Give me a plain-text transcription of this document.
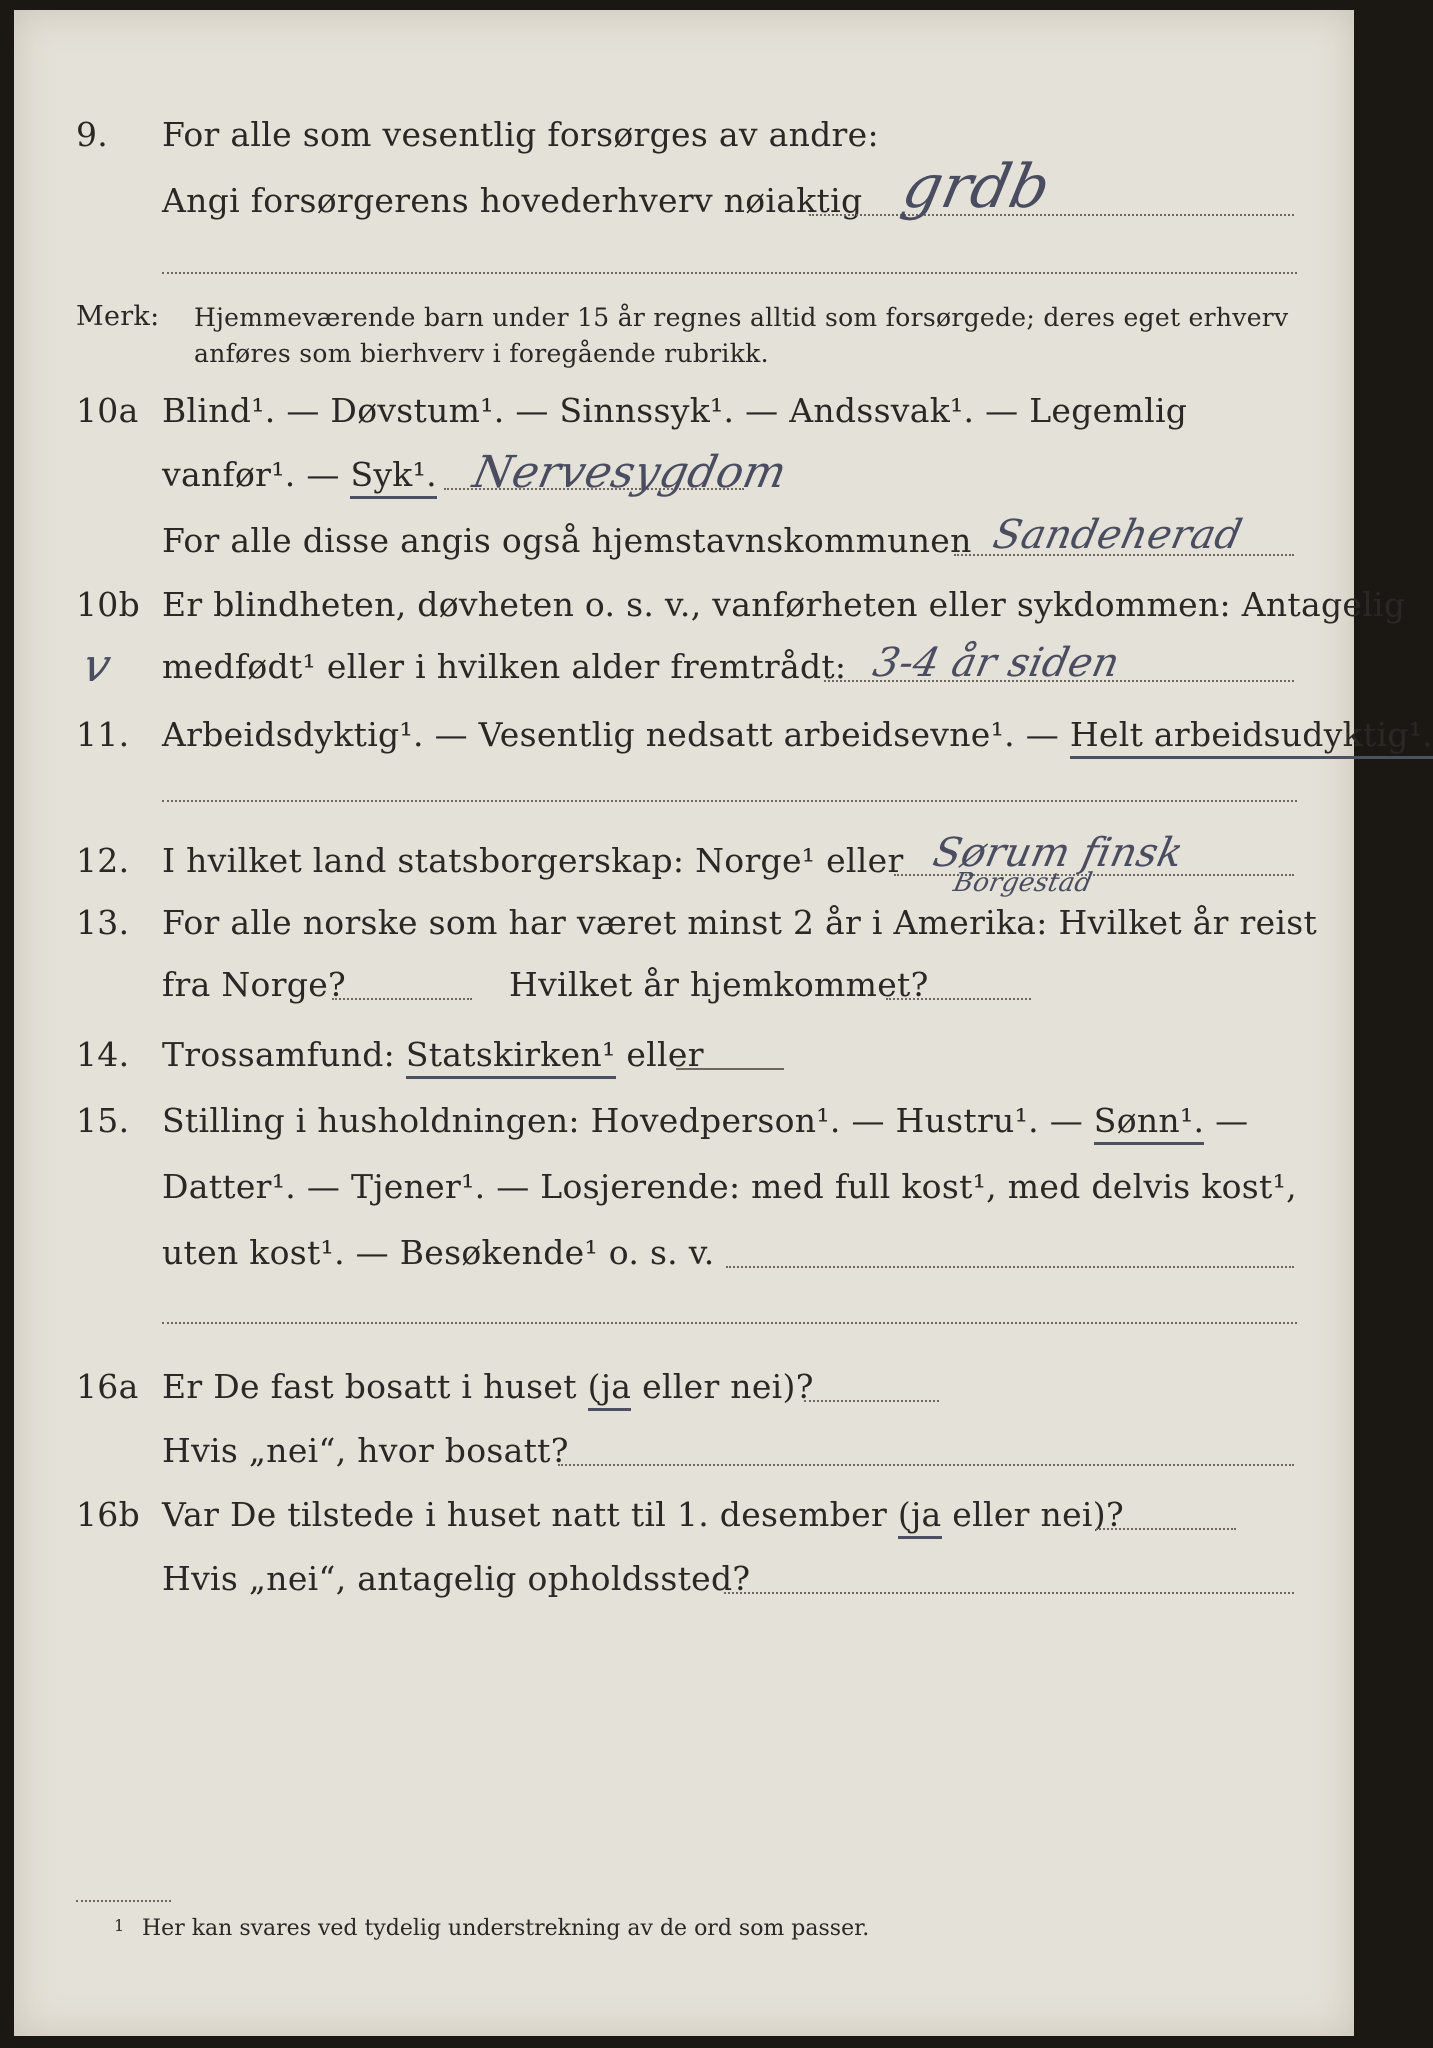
9. For alle som vesentlig forsørges av andre:
Angi forsørgerens hovederhverv nøiaktig grdb
Merk: Hjemmeværende barn under 15 år regnes alltid som forsørgede; deres eget erhverv
anføres som bierhverv i foregående rubrikk.
10a Blind¹. — Døvstum¹. — Sinnssyk¹. — Andssvak¹. — Legemlig
vanfør¹. — Syk¹. Nervesygdom
For alle disse angis også hjemstavnskommunen Sandeherad
10b Er blindheten, døvheten o. s. v., vanførheten eller sykdommen: Antagelig
v medfødt¹ eller i hvilken alder fremtrådt: 3-4 år siden
11. Arbeidsdyktig¹. — Vesentlig nedsatt arbeidsevne¹. — Helt arbeidsudyktig¹.
12. I hvilket land statsborgerskap: Norge¹ eller Sørum finsk
Borgestad
13. For alle norske som har været minst 2 år i Amerika: Hvilket år reist
fra Norge?	Hvilket år hjemkommet?
14. Trossamfund: Statskirken¹ eller
15. Stilling i husholdningen: Hovedperson¹. — Hustru¹. — Sønn¹. —
Datter¹. — Tjener¹. — Losjerende: med full kost¹, med delvis kost¹,
uten kost¹. — Besøkende¹ o. s. v.
16a Er De fast bosatt i huset (ja eller nei)?
Hvis „nei“, hvor bosatt?
16b Var De tilstede i huset natt til 1. desember (ja eller nei)?
Hvis „nei“, antagelig opholdssted?
1 Her kan svares ved tydelig understrekning av de ord som passer.
